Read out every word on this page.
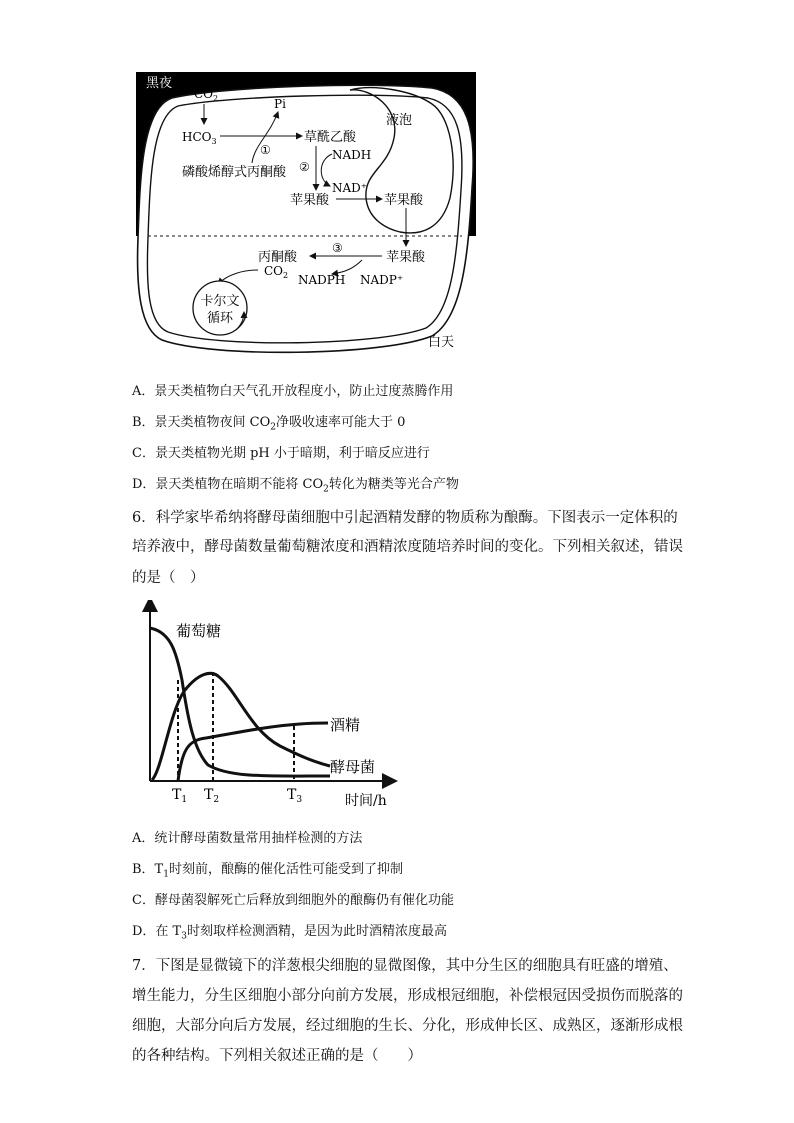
黑夜
$CO_2$	Pi
$HCO_3$
①
草酰乙酸
液泡
NADH
磷酸烯醇式丙酮酸 ②
NAD⁺
苹果酸	苹果酸
③
丙酮酸	苹果酸
$CO_2$ NADPH NADP⁺
卡尔文
循环
白天
A．景天类植物白天气孔开放程度小，防止过度蒸腾作用
B．景天类植物夜间 $CO_2$净吸收速率可能大于 0
C．景天类植物光期 pH 小于暗期，利于暗反应进行
D．景天类植物在暗期不能将 $CO_2$转化为糖类等光合产物
6．科学家毕希纳将酵母菌细胞中引起酒精发酵的物质称为酿酶。下图表示一定体积的
培养液中，酵母菌数量葡萄糖浓度和酒精浓度随培养时间的变化。下列相关叙述，错误
的是（　）
葡萄糖
酒精
酵母菌
$T_1$ $T_2$	$T_3$	时间/h
A．统计酵母菌数量常用抽样检测的方法
B．$T_1$时刻前，酿酶的催化活性可能受到了抑制
C．酵母菌裂解死亡后释放到细胞外的酿酶仍有催化功能
D．在 $T_3$时刻取样检测酒精，是因为此时酒精浓度最高
7．下图是显微镜下的洋葱根尖细胞的显微图像，其中分生区的细胞具有旺盛的增殖、
增生能力，分生区细胞小部分向前方发展，形成根冠细胞，补偿根冠因受损伤而脱落的
细胞，大部分向后方发展，经过细胞的生长、分化，形成伸长区、成熟区，逐渐形成根
的各种结构。下列相关叙述正确的是（　　）
